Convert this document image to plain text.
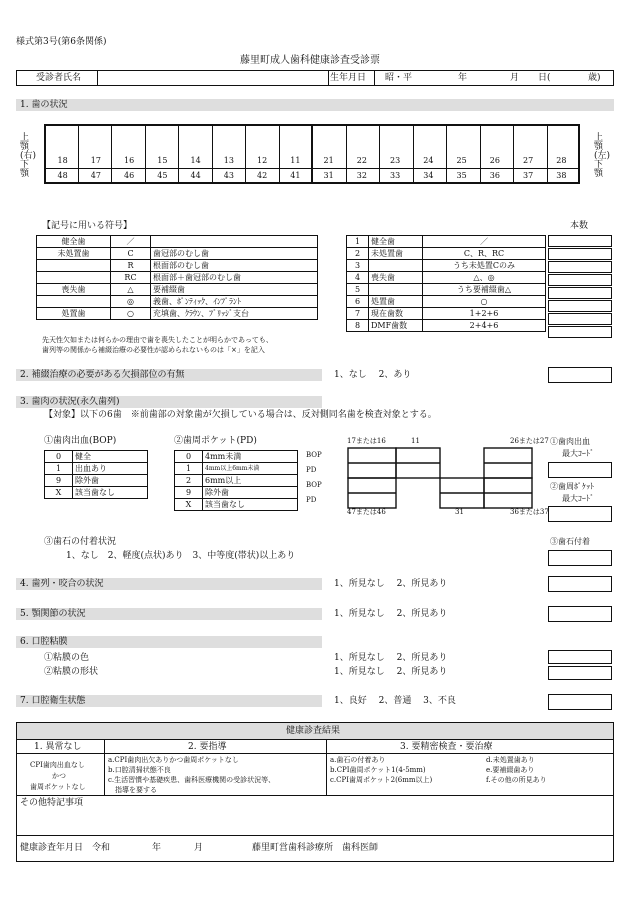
様式第3号(第6条関係)
藤里町成人歯科健康診査受診票
受診者氏名	生年月日 昭・平	年	月 日(	歳)
1. 歯の状況
上顎(右)下顎
上顎(左)下顎
18	17	16	15	14	13	12	11	21	22	23	24	25	26	27	28
48	47	46	45	44	43	42	41	31	32	33	34	35	36	37	38
【記号に用いる符号】
健全歯	／	
未処置歯	C	歯冠部のむし歯
	R	根面部のむし歯
	RC	根面部＋歯冠部のむし歯
喪失歯	△	要補綴歯
	◎	義歯、ﾎﾟﾝﾃｨｯｸ、ｲﾝﾌﾟﾗﾝﾄ
処置歯	○	充填歯、ｸﾗｳﾝ、ﾌﾞﾘｯｼﾞ支台
先天性欠如または何らかの理由で歯を喪失したことが明らかであっても、
歯列等の関係から補綴治療の必要性が認められないものは「×」を記入
本数
1	健全歯	／
2	未処置歯	C、R、RC
3		うち未処置Cのみ
4	喪失歯	△、◎
5		うち要補綴歯△
6	処置歯	○
7	現在歯数	1+2+6
8	DMF歯数	2+4+6
2. 補綴治療の必要がある欠損部位の有無	1、なし　 2、あり
3. 歯肉の状況(永久歯列)
【対象】以下の6歯　※前歯部の対象歯が欠損している場合は、反対側同名歯を検査対象とする。
①歯肉出血(BOP)
0	健全
1	出血あり
9	除外歯
X	該当歯なし
②歯周ポケット(PD)
0	4mm未満
1	4mm以上6mm未満
2	6mm以上
9	除外歯
X	該当歯なし
BOP
PD
BOP
PD
17または16	11	26または27
47または46	31	36または37
①歯肉出血
最大ｺｰﾄﾞ
②歯周ﾎﾟｹｯﾄ
最大ｺｰﾄﾞ
③歯石の付着状況
1、なし　2、軽度(点状)あり　3、中等度(帯状)以上あり
③歯石付着
4. 歯列・咬合の状況	1、所見なし　 2、所見あり
5. 顎関節の状況	1、所見なし　 2、所見あり
6. 口腔粘膜
①粘膜の色
②粘膜の形状
1、所見なし　 2、所見あり
1、所見なし　 2、所見あり
7. 口腔衛生状態	1、良好　 2、普通　 3、不良
健康診査結果
1. 異常なし	2. 要指導	3. 要精密検査・要治療
CPI歯肉出血なし
かつ
歯周ポケットなし
a.CPI歯肉出欠ありかつ歯周ポケットなし
b.口腔清掃状態不良
c.生活習慣や基礎疾患、歯科医療機関の受診状況等、
　指導を要する
a.歯石の付着あり
b.CPI歯周ポケット1(4-5mm)
c.CPI歯周ポケット2(6mm以上)
d.未処置歯あり
e.要補綴歯あり
f.その他の所見あり
その他特記事項
健康診査年月日　令和	年	月	藤里町営歯科診療所　歯科医師
